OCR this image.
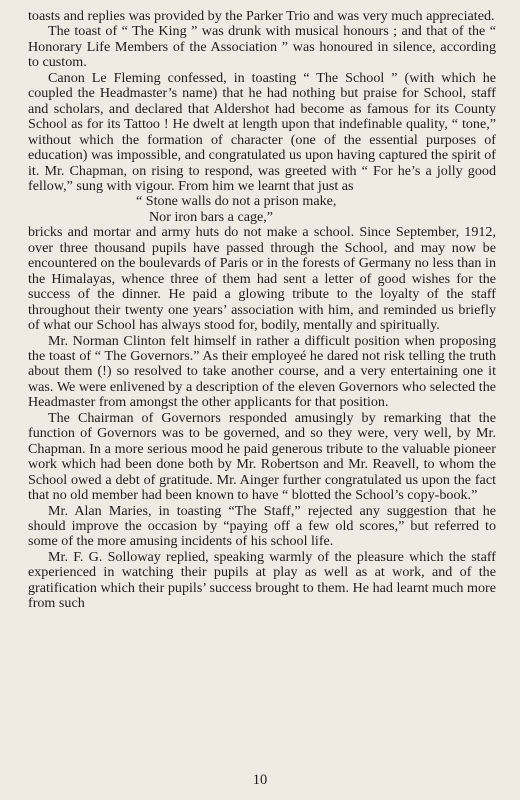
toasts and replies was provided by the Parker Trio and was very much appreciated.

The toast of “ The King ” was drunk with musical honours ; and that of the “ Honorary Life Members of the Association ” was honoured in silence, according to custom.

Canon Le Fleming confessed, in toasting “ The School ” (with which he coupled the Headmaster’s name) that he had nothing but praise for School, staff and scholars, and declared that Aldershot had become as famous for its County School as for its Tattoo ! He dwelt at length upon that indefinable quality, “ tone,” without which the formation of character (one of the essential purposes of education) was impossible, and congratulated us upon having captured the spirit of it. Mr. Chapman, on rising to respond, was greeted with “ For he’s a jolly good fellow,” sung with vigour. From him we learnt that just as

“ Stone walls do not a prison make,
Nor iron bars a cage,”

bricks and mortar and army huts do not make a school. Since September, 1912, over three thousand pupils have passed through the School, and may now be encountered on the boulevards of Paris or in the forests of Germany no less than in the Himalayas, whence three of them had sent a letter of good wishes for the success of the dinner. He paid a glowing tribute to the loyalty of the staff throughout their twenty one years’ association with him, and reminded us briefly of what our School has always stood for, bodily, mentally and spiritually.

Mr. Norman Clinton felt himself in rather a difficult position when proposing the toast of “ The Governors.” As their employeé he dared not risk telling the truth about them (!) so resolved to take another course, and a very entertaining one it was. We were enlivened by a description of the eleven Governors who selected the Headmaster from amongst the other applicants for that position.

The Chairman of Governors responded amusingly by remarking that the function of Governors was to be governed, and so they were, very well, by Mr. Chapman. In a more serious mood he paid generous tribute to the valuable pioneer work which had been done both by Mr. Robertson and Mr. Reavell, to whom the School owed a debt of gratitude. Mr. Ainger further congratulated us upon the fact that no old member had been known to have “ blotted the School’s copy-book.”

Mr. Alan Maries, in toasting “The Staff,” rejected any suggestion that he should improve the occasion by “paying off a few old scores,” but referred to some of the more amusing incidents of his school life.

Mr. F. G. Solloway replied, speaking warmly of the pleasure which the staff experienced in watching their pupils at play as well as at work, and of the gratification which their pupils’ success brought to them. He had learnt much more from such

10
